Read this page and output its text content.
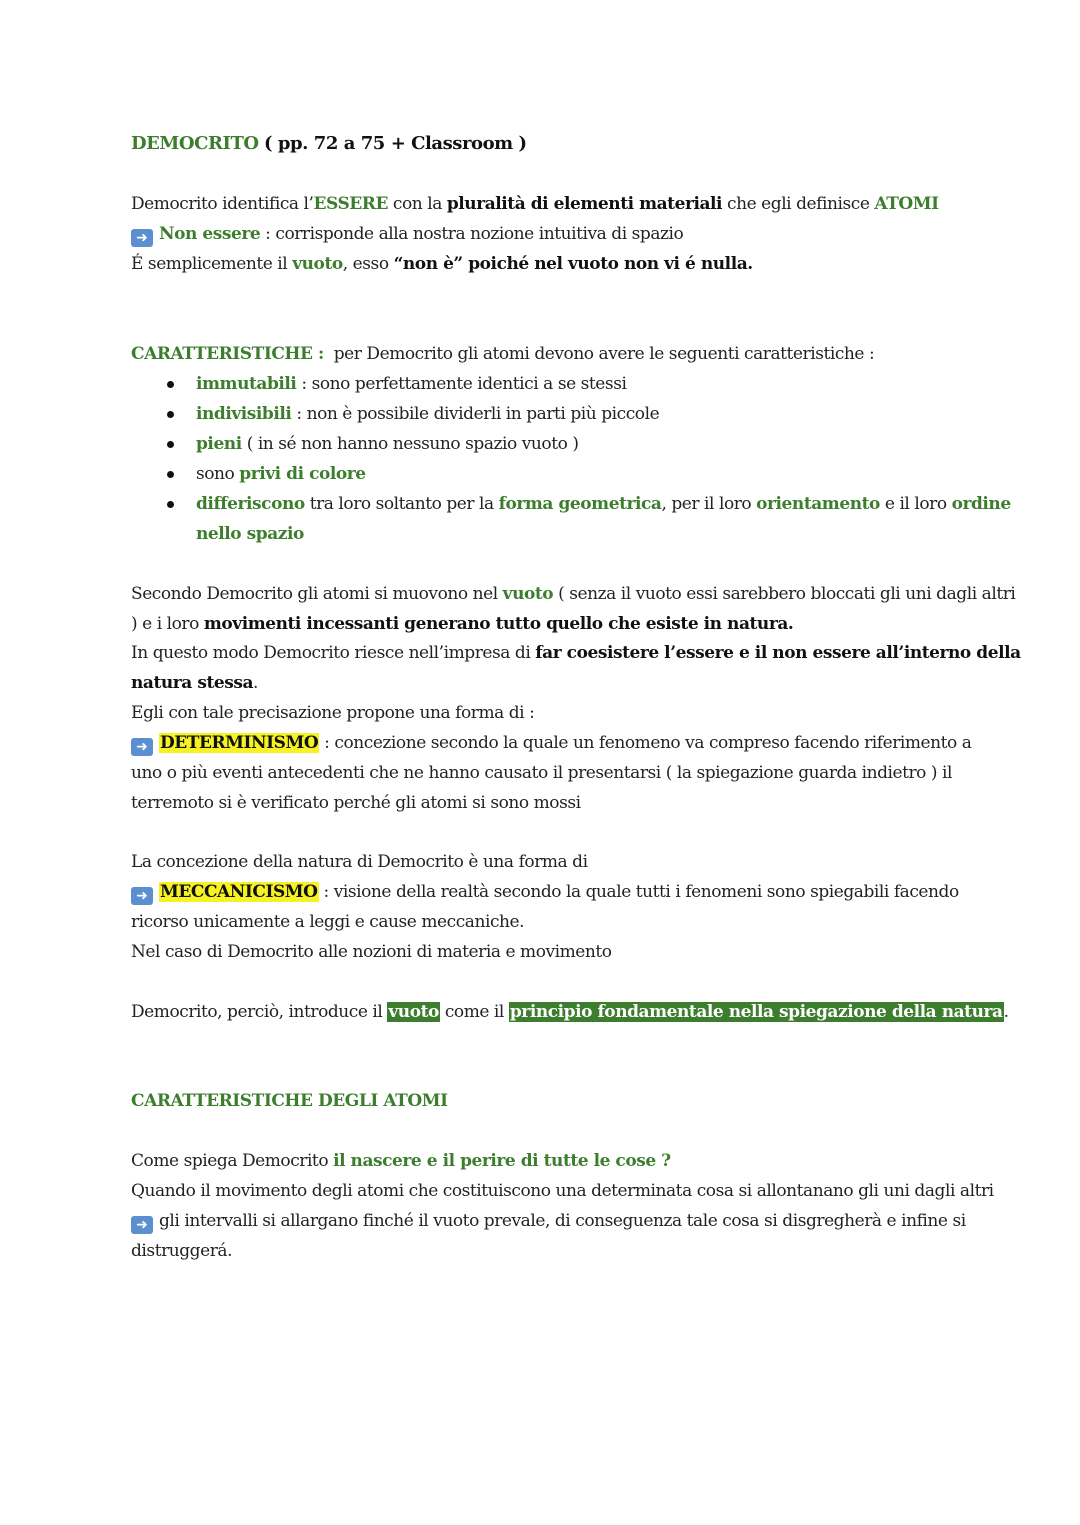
DEMOCRITO ( pp. 72 a 75 + Classroom )
Democrito identifica l’ESSERE con la pluralità di elementi materiali che egli definisce ATOMI
➜ Non essere : corrisponde alla nostra nozione intuitiva di spazio
É semplicemente il vuoto, esso “non è” poiché nel vuoto non vi é nulla.
CARATTERISTICHE :  per Democrito gli atomi devono avere le seguenti caratteristiche :
immutabili : sono perfettamente identici a se stessi
indivisibili : non è possibile dividerli in parti più piccole
pieni ( in sé non hanno nessuno spazio vuoto )
sono privi di colore
differiscono tra loro soltanto per la forma geometrica, per il loro orientamento e il loro ordine
nello spazio
Secondo Democrito gli atomi si muovono nel vuoto ( senza il vuoto essi sarebbero bloccati gli uni dagli altri
) e i loro movimenti incessanti generano tutto quello che esiste in natura.
In questo modo Democrito riesce nell’impresa di far coesistere l’essere e il non essere all’interno della
natura stessa.
Egli con tale precisazione propone una forma di :
➜ DETERMINISMO : concezione secondo la quale un fenomeno va compreso facendo riferimento a
uno o più eventi antecedenti che ne hanno causato il presentarsi ( la spiegazione guarda indietro ) il
terremoto si è verificato perché gli atomi si sono mossi
La concezione della natura di Democrito è una forma di
➜ MECCANICISMO : visione della realtà secondo la quale tutti i fenomeni sono spiegabili facendo
ricorso unicamente a leggi e cause meccaniche.
Nel caso di Democrito alle nozioni di materia e movimento
Democrito, perciò, introduce il vuoto come il principio fondamentale nella spiegazione della natura.
CARATTERISTICHE DEGLI ATOMI
Come spiega Democrito il nascere e il perire di tutte le cose ?
Quando il movimento degli atomi che costituiscono una determinata cosa si allontanano gli uni dagli altri
➜ gli intervalli si allargano finché il vuoto prevale, di conseguenza tale cosa si disgregherà e infine si
distruggerá.
